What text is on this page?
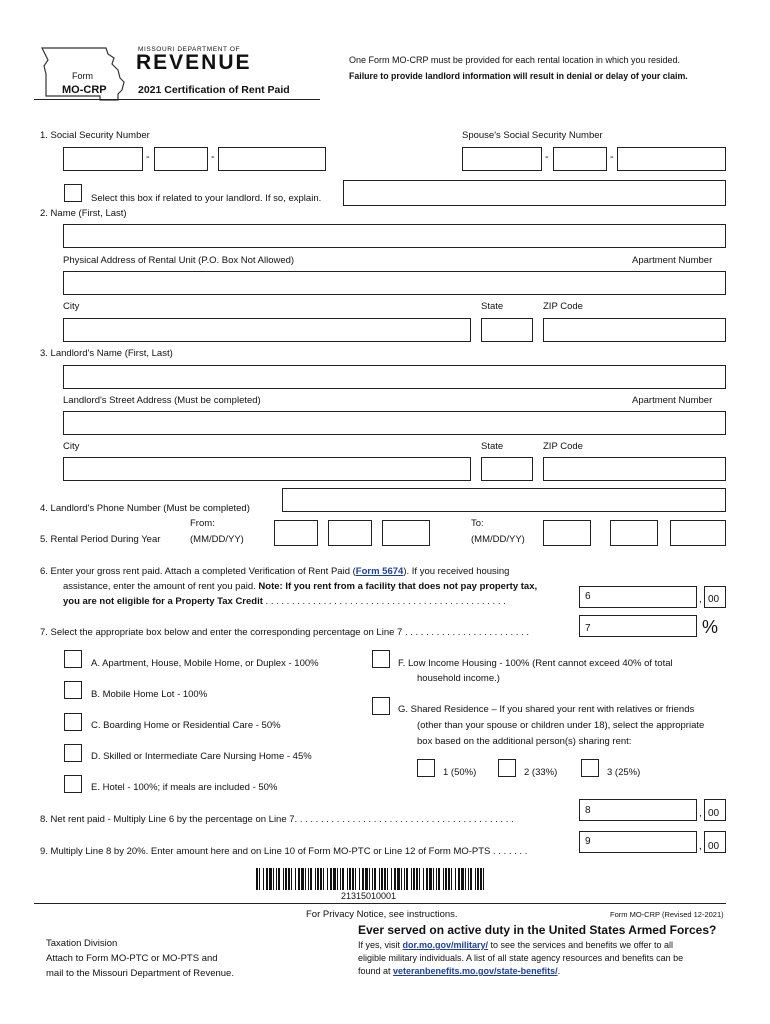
Form
MO-CRP
MISSOURI DEPARTMENT OF
REVENUE
2021 Certification of Rent Paid
One Form MO-CRP must be provided for each rental location in which you resided.
Failure to provide landlord information will result in denial or delay of your claim.
1. Social Security Number	Spouse's Social Security Number
-	-	-	-
Select this box if related to your landlord. If so, explain.
2. Name (First, Last)
Physical Address of Rental Unit (P.O. Box Not Allowed)	Apartment Number
City	State	ZIP Code
3. Landlord's Name (First, Last)
Landlord's Street Address (Must be completed)	Apartment Number
City	State	ZIP Code
4. Landlord's Phone Number (Must be completed)
From:
5. Rental Period During Year	(MM/DD/YY)
To:
(MM/DD/YY)
6. Enter your gross rent paid. Attach a completed Verification of Rent Paid (Form 5674). If you received housing
assistance, enter the amount of rent you paid. Note: If you rent from a facility that does not pay property tax,
you are not eligible for a Property Tax Credit . . . . . . . . . . . . . . . . . . . . . . . . . . . . . . . . . . . . . . . . . . . . . .	6	, 00
7. Select the appropriate box below and enter the corresponding percentage on Line 7 . . . . . . . . . . . . . . . . . . . . . . . .	7	%
A. Apartment, House, Mobile Home, or Duplex - 100%
B. Mobile Home Lot - 100%
C. Boarding Home or Residential Care - 50%
D. Skilled or Intermediate Care Nursing Home - 45%
E. Hotel - 100%; if meals are included - 50%
F. Low Income Housing - 100% (Rent cannot exceed 40% of total
household income.)
G. Shared Residence – If you shared your rent with relatives or friends
(other than your spouse or children under 18), select the appropriate
box based on the additional person(s) sharing rent:
1 (50%)	2 (33%)	3 (25%)
8. Net rent paid - Multiply Line 6 by the percentage on Line 7. . . . . . . . . . . . . . . . . . . . . . . . . . . . . . . . . . . . . . . . . .
8	, 00
9. Multiply Line 8 by 20%. Enter amount here and on Line 10 of Form MO-PTC or Line 12 of Form MO-PTS . . . . . . .
9	, 00
21315010001
For Privacy Notice, see instructions.	Form MO-CRP (Revised 12-2021)
Taxation Division
Attach to Form MO-PTC or MO-PTS and
mail to the Missouri Department of Revenue.
Ever served on active duty in the United States Armed Forces?
If yes, visit dor.mo.gov/military/ to see the services and benefits we offer to all
eligible military individuals. A list of all state agency resources and benefits can be
found at veteranbenefits.mo.gov/state-benefits/.
